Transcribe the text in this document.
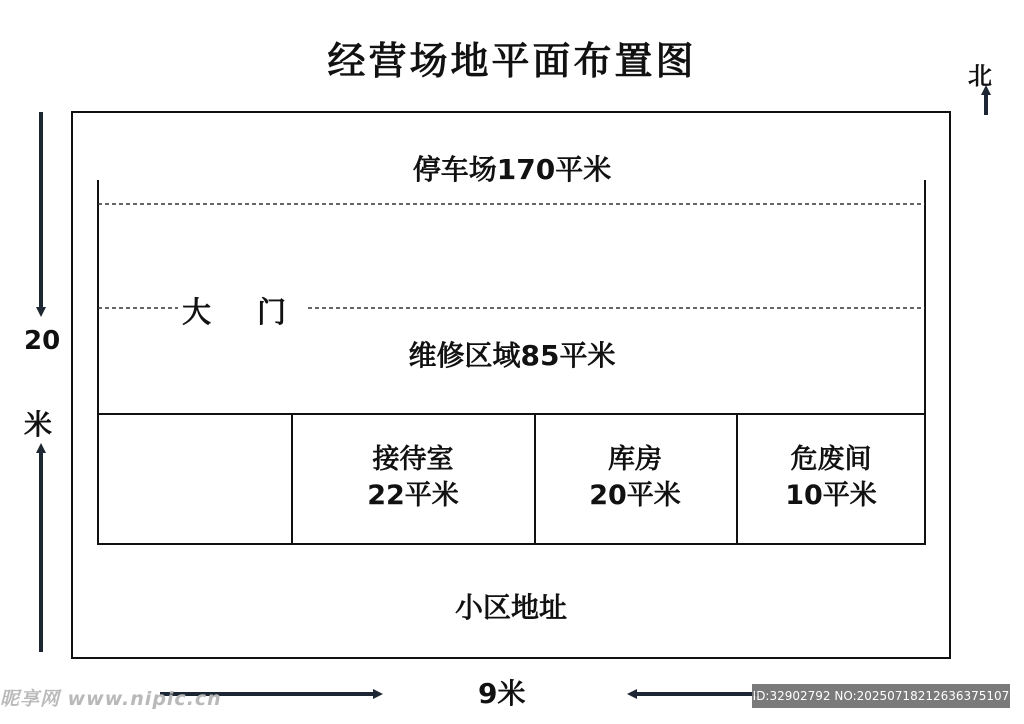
经营场地平面布置图	北
停车场170平米
大 门
维修区域85平米
接待室
22平米
库房
20平米
危废间
10平米
小区地址
20
米
9米
昵享网 www.nipic.cn	ID:32902792 NO:20250718212636375107
